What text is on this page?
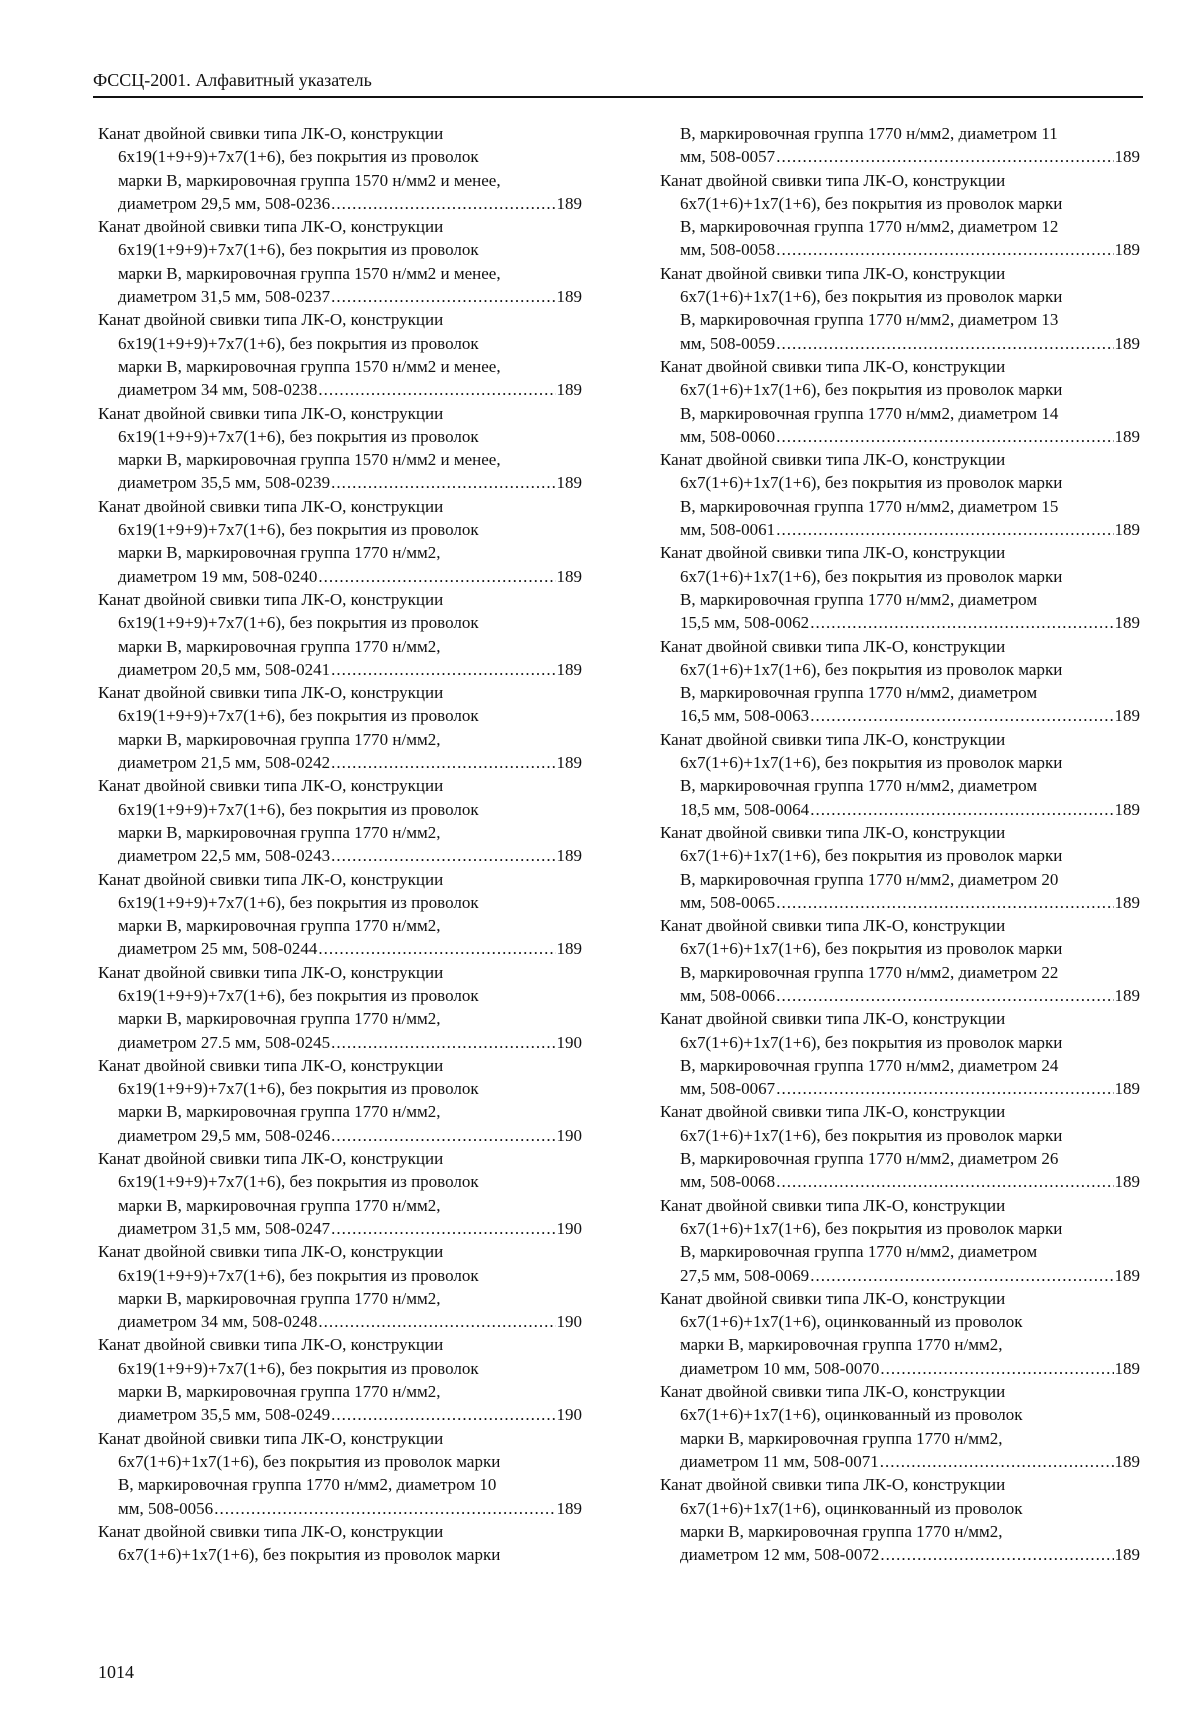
ФССЦ-2001. Алфавитный указатель
Канат двойной свивки типа ЛК-О, конструкции
6x19(1+9+9)+7x7(1+6), без покрытия из проволок
марки В, маркировочная группа 1570 н/мм2 и менее,
диаметром 29,5 мм, 508-0236 .....	189
Канат двойной свивки типа ЛК-О, конструкции
6x19(1+9+9)+7x7(1+6), без покрытия из проволок
марки В, маркировочная группа 1570 н/мм2 и менее,
диаметром 31,5 мм, 508-0237 .....	189
Канат двойной свивки типа ЛК-О, конструкции
6x19(1+9+9)+7x7(1+6), без покрытия из проволок
марки В, маркировочная группа 1570 н/мм2 и менее,
диаметром 34 мм, 508-0238 .....	189
Канат двойной свивки типа ЛК-О, конструкции
6x19(1+9+9)+7x7(1+6), без покрытия из проволок
марки В, маркировочная группа 1570 н/мм2 и менее,
диаметром 35,5 мм, 508-0239 .....	189
Канат двойной свивки типа ЛК-О, конструкции
6x19(1+9+9)+7x7(1+6), без покрытия из проволок
марки В, маркировочная группа 1770 н/мм2,
диаметром 19 мм, 508-0240 .....	189
Канат двойной свивки типа ЛК-О, конструкции
6x19(1+9+9)+7x7(1+6), без покрытия из проволок
марки В, маркировочная группа 1770 н/мм2,
диаметром 20,5 мм, 508-0241 .....	189
Канат двойной свивки типа ЛК-О, конструкции
6x19(1+9+9)+7x7(1+6), без покрытия из проволок
марки В, маркировочная группа 1770 н/мм2,
диаметром 21,5 мм, 508-0242 .....	189
Канат двойной свивки типа ЛК-О, конструкции
6x19(1+9+9)+7x7(1+6), без покрытия из проволок
марки В, маркировочная группа 1770 н/мм2,
диаметром 22,5 мм, 508-0243 .....	189
Канат двойной свивки типа ЛК-О, конструкции
6x19(1+9+9)+7x7(1+6), без покрытия из проволок
марки В, маркировочная группа 1770 н/мм2,
диаметром 25 мм, 508-0244 .....	189
Канат двойной свивки типа ЛК-О, конструкции
6x19(1+9+9)+7x7(1+6), без покрытия из проволок
марки В, маркировочная группа 1770 н/мм2,
диаметром 27.5 мм, 508-0245 .....	190
Канат двойной свивки типа ЛК-О, конструкции
6x19(1+9+9)+7x7(1+6), без покрытия из проволок
марки В, маркировочная группа 1770 н/мм2,
диаметром 29,5 мм, 508-0246 .....	190
Канат двойной свивки типа ЛК-О, конструкции
6x19(1+9+9)+7x7(1+6), без покрытия из проволок
марки В, маркировочная группа 1770 н/мм2,
диаметром 31,5 мм, 508-0247 .....	190
Канат двойной свивки типа ЛК-О, конструкции
6x19(1+9+9)+7x7(1+6), без покрытия из проволок
марки В, маркировочная группа 1770 н/мм2,
диаметром 34 мм, 508-0248 .....	190
Канат двойной свивки типа ЛК-О, конструкции
6x19(1+9+9)+7x7(1+6), без покрытия из проволок
марки В, маркировочная группа 1770 н/мм2,
диаметром 35,5 мм, 508-0249 .....	190
Канат двойной свивки типа ЛК-О, конструкции
6x7(1+6)+1x7(1+6), без покрытия из проволок марки
В, маркировочная группа 1770 н/мм2, диаметром 10
мм, 508-0056 .....	189
Канат двойной свивки типа ЛК-О, конструкции
6x7(1+6)+1x7(1+6), без покрытия из проволок марки
В, маркировочная группа 1770 н/мм2, диаметром 11
мм, 508-0057 .....	189
Канат двойной свивки типа ЛК-О, конструкции
6x7(1+6)+1x7(1+6), без покрытия из проволок марки
В, маркировочная группа 1770 н/мм2, диаметром 12
мм, 508-0058 .....	189
Канат двойной свивки типа ЛК-О, конструкции
6x7(1+6)+1x7(1+6), без покрытия из проволок марки
В, маркировочная группа 1770 н/мм2, диаметром 13
мм, 508-0059 .....	189
Канат двойной свивки типа ЛК-О, конструкции
6x7(1+6)+1x7(1+6), без покрытия из проволок марки
В, маркировочная группа 1770 н/мм2, диаметром 14
мм, 508-0060 .....	189
Канат двойной свивки типа ЛК-О, конструкции
6x7(1+6)+1x7(1+6), без покрытия из проволок марки
В, маркировочная группа 1770 н/мм2, диаметром 15
мм, 508-0061 .....	189
Канат двойной свивки типа ЛК-О, конструкции
6x7(1+6)+1x7(1+6), без покрытия из проволок марки
В, маркировочная группа 1770 н/мм2, диаметром
15,5 мм, 508-0062 .....	189
Канат двойной свивки типа ЛК-О, конструкции
6x7(1+6)+1x7(1+6), без покрытия из проволок марки
В, маркировочная группа 1770 н/мм2, диаметром
16,5 мм, 508-0063 .....	189
Канат двойной свивки типа ЛК-О, конструкции
6x7(1+6)+1x7(1+6), без покрытия из проволок марки
В, маркировочная группа 1770 н/мм2, диаметром
18,5 мм, 508-0064 .....	189
Канат двойной свивки типа ЛК-О, конструкции
6x7(1+6)+1x7(1+6), без покрытия из проволок марки
В, маркировочная группа 1770 н/мм2, диаметром 20
мм, 508-0065 .....	189
Канат двойной свивки типа ЛК-О, конструкции
6x7(1+6)+1x7(1+6), без покрытия из проволок марки
В, маркировочная группа 1770 н/мм2, диаметром 22
мм, 508-0066 .....	189
Канат двойной свивки типа ЛК-О, конструкции
6x7(1+6)+1x7(1+6), без покрытия из проволок марки
В, маркировочная группа 1770 н/мм2, диаметром 24
мм, 508-0067 .....	189
Канат двойной свивки типа ЛК-О, конструкции
6x7(1+6)+1x7(1+6), без покрытия из проволок марки
В, маркировочная группа 1770 н/мм2, диаметром 26
мм, 508-0068 .....	189
Канат двойной свивки типа ЛК-О, конструкции
6x7(1+6)+1x7(1+6), без покрытия из проволок марки
В, маркировочная группа 1770 н/мм2, диаметром
27,5 мм, 508-0069 .....	189
Канат двойной свивки типа ЛК-О, конструкции
6x7(1+6)+1x7(1+6), оцинкованный из проволок
марки В, маркировочная группа 1770 н/мм2,
диаметром 10 мм, 508-0070 .....	189
Канат двойной свивки типа ЛК-О, конструкции
6x7(1+6)+1x7(1+6), оцинкованный из проволок
марки В, маркировочная группа 1770 н/мм2,
диаметром 11 мм, 508-0071 .....	189
Канат двойной свивки типа ЛК-О, конструкции
6x7(1+6)+1x7(1+6), оцинкованный из проволок
марки В, маркировочная группа 1770 н/мм2,
диаметром 12 мм, 508-0072 .....	189
1014
